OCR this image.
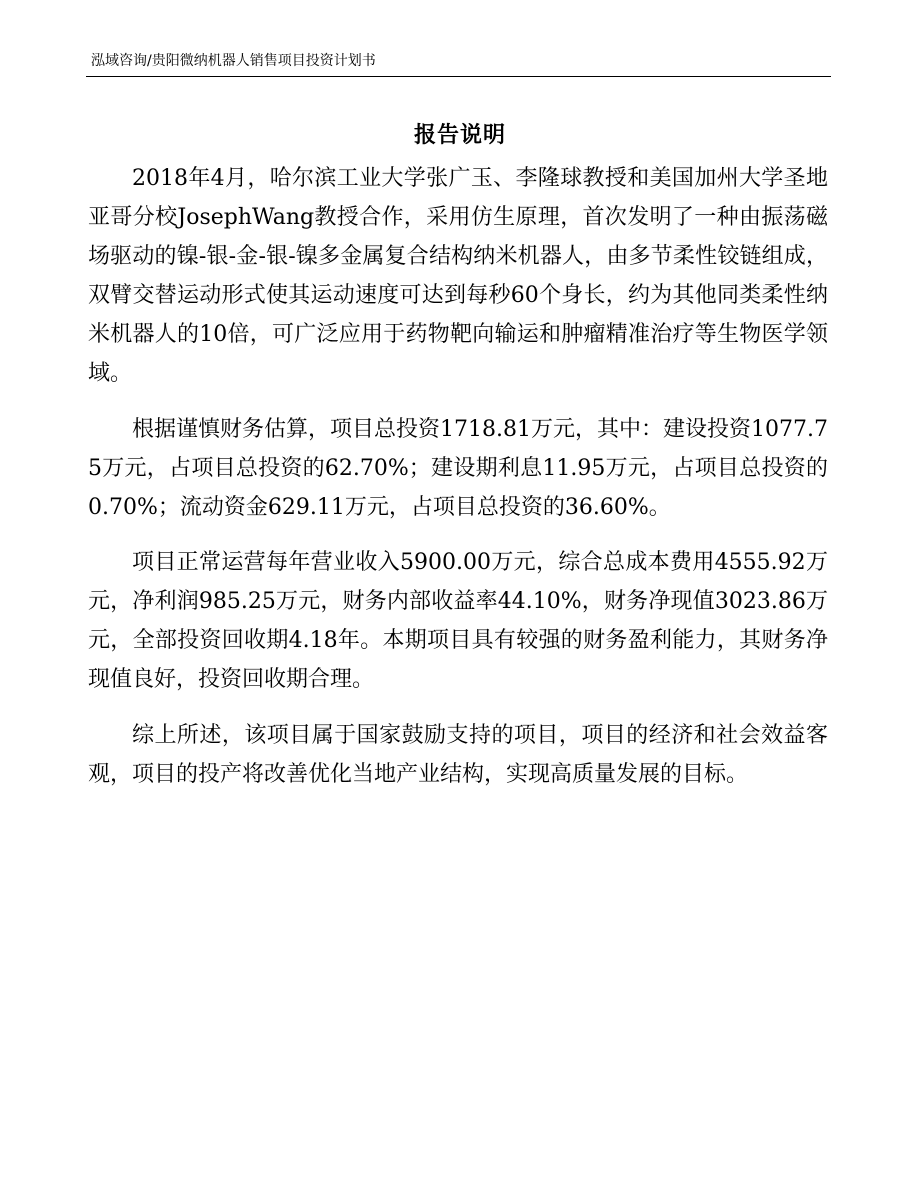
泓域咨询/贵阳微纳机器人销售项目投资计划书
报告说明

2018年4月，哈尔滨工业大学张广玉、李隆球教授和美国加州大学圣地亚哥分校JosephWang教授合作，采用仿生原理，首次发明了一种由振荡磁场驱动的镍-银-金-银-镍多金属复合结构纳米机器人，由多节柔性铰链组成，双臂交替运动形式使其运动速度可达到每秒60个身长，约为其他同类柔性纳米机器人的10倍，可广泛应用于药物靶向输运和肿瘤精准治疗等生物医学领域。

根据谨慎财务估算，项目总投资1718.81万元，其中：建设投资1077.75万元，占项目总投资的62.70%；建设期利息11.95万元，占项目总投资的0.70%；流动资金629.11万元，占项目总投资的36.60%。

项目正常运营每年营业收入5900.00万元，综合总成本费用4555.92万元，净利润985.25万元，财务内部收益率44.10%，财务净现值3023.86万元，全部投资回收期4.18年。本期项目具有较强的财务盈利能力，其财务净现值良好，投资回收期合理。

综上所述，该项目属于国家鼓励支持的项目，项目的经济和社会效益客观，项目的投产将改善优化当地产业结构，实现高质量发展的目标。
